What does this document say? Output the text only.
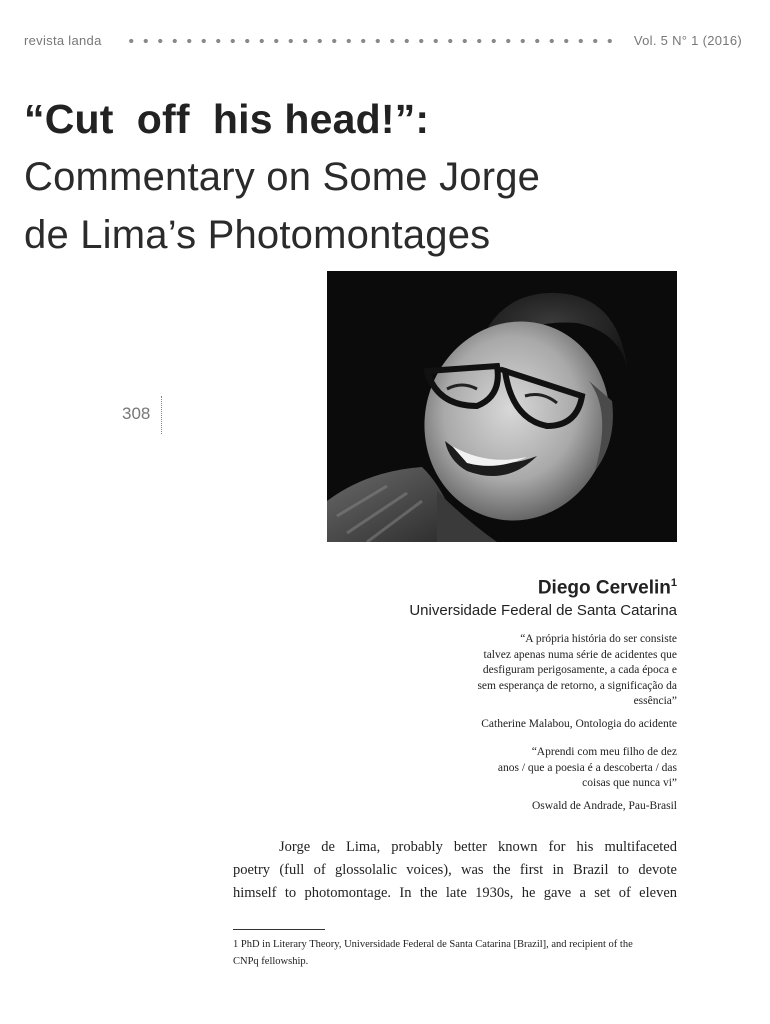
revista landa	Vol. 5 N° 1 (2016)
“Cut  off  his head!”:
Commentary on Some Jorge
de Lima’s Photomontages
308
Diego Cervelin$^1$
Universidade Federal de Santa Catarina
“A própria história do ser consiste
talvez apenas numa série de acidentes que
desfiguram perigosamente, a cada época e
sem esperança de retorno, a significação da
essência”
Catherine Malabou, Ontologia do acidente
“Aprendi com meu filho de dez
anos / que a poesia é a descoberta / das
coisas que nunca vi”
Oswald de Andrade, Pau-Brasil
Jorge de Lima, probably better known for his multifaceted
poetry (full of glossolalic voices), was the first in Brazil to devote
himself to photomontage. In the late 1930s, he gave a set of eleven
1 PhD in Literary Theory, Universidade Federal de Santa Catarina [Brazil], and recipient of the
CNPq fellowship.
